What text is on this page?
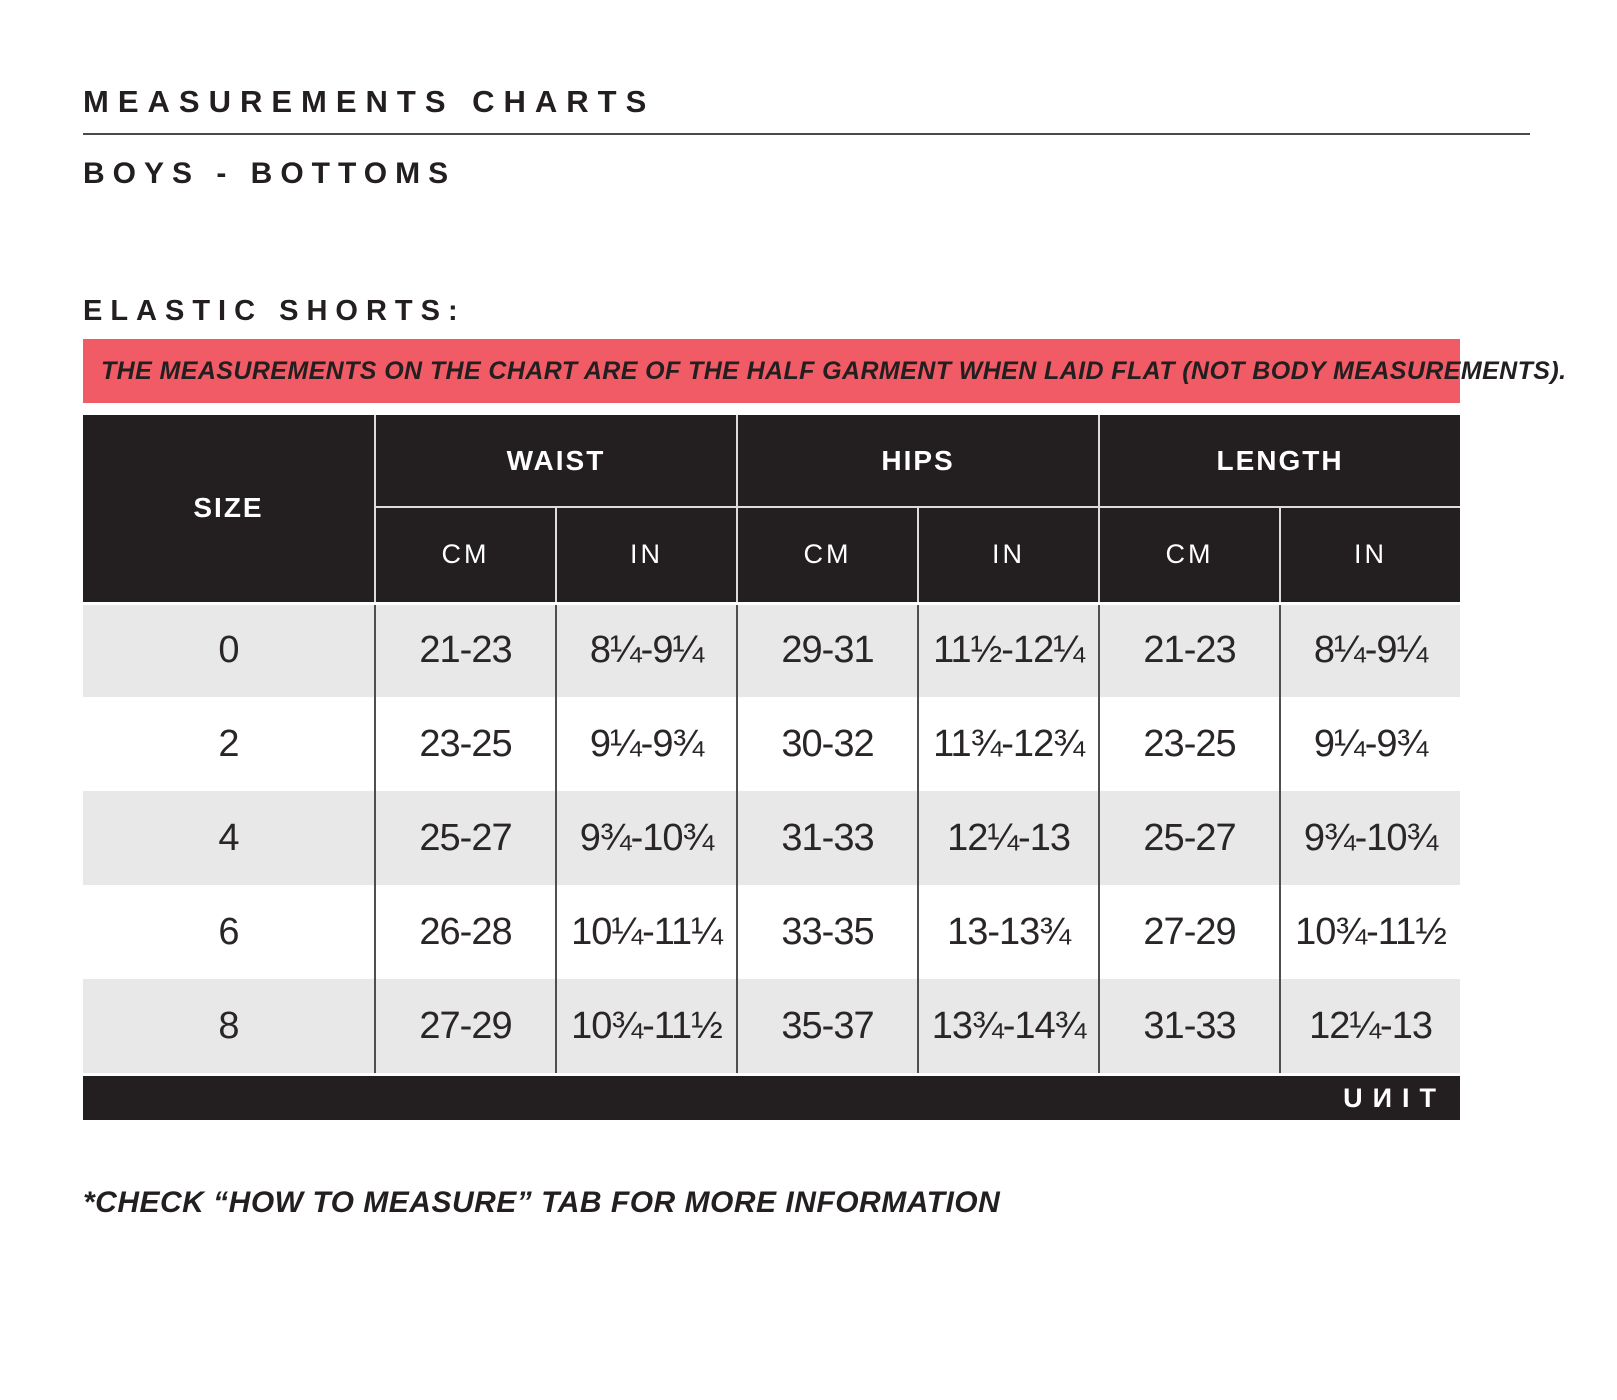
MEASUREMENTS CHARTS
BOYS - BOTTOMS
ELASTIC SHORTS:
THE MEASUREMENTS ON THE CHART ARE OF THE HALF GARMENT WHEN LAID FLAT (NOT BODY MEASUREMENTS).
SIZE	WAIST		HIPS		LENGTH	
	CM	IN	CM	IN	CM	IN
0	21-23	8¼-9¼	29-31	11½-12¼	21-23	8¼-9¼
2	23-25	9¼-9¾	30-32	11¾-12¾	23-25	9¼-9¾
4	25-27	9¾-10¾	31-33	12¼-13	25-27	9¾-10¾
6	26-28	10¼-11¼	33-35	13-13¾	27-29	10¾-11½
8	27-29	10¾-11½	35-37	13¾-14¾	31-33	12¼-13
UИIT

*CHECK “HOW TO MEASURE” TAB FOR MORE INFORMATION
